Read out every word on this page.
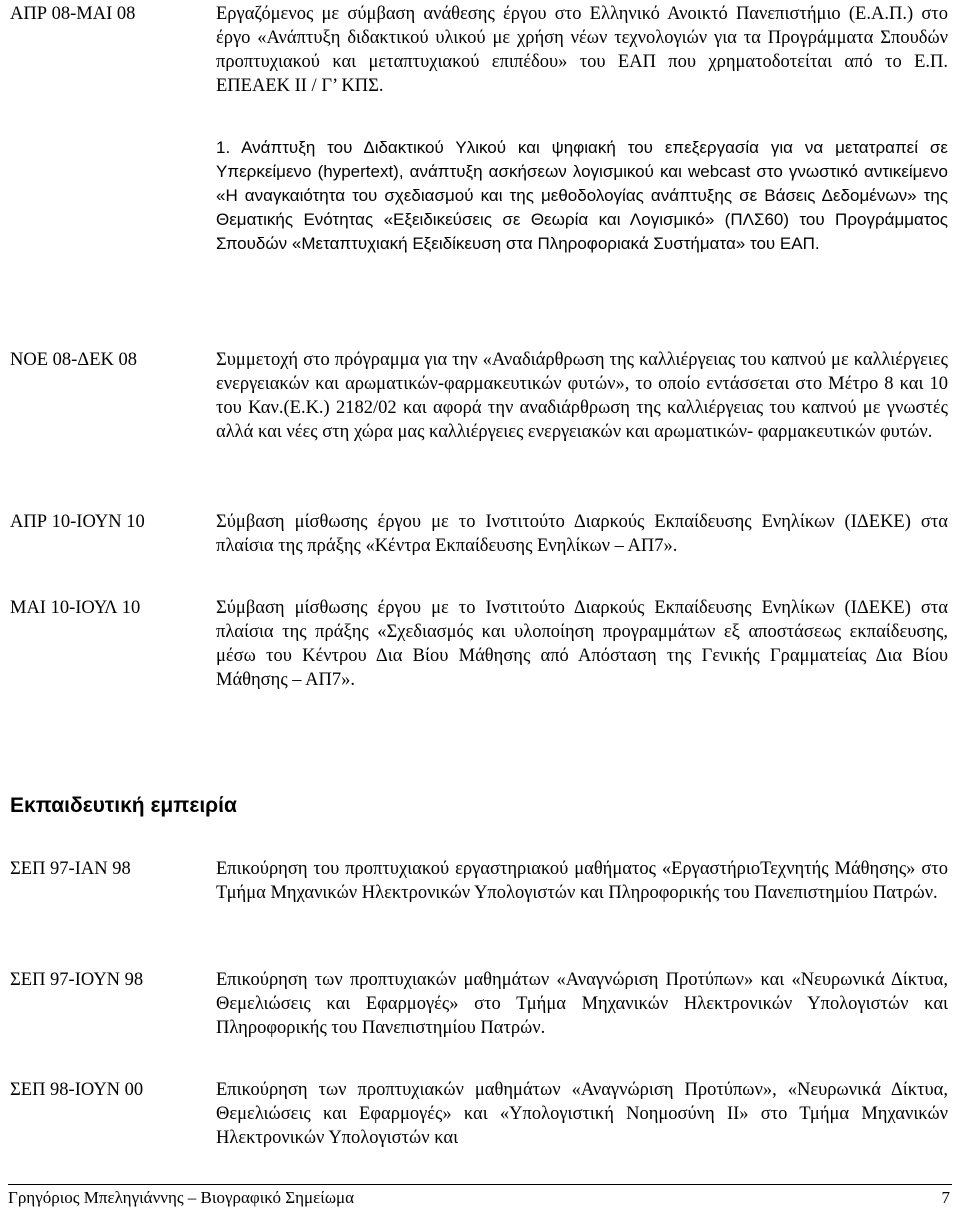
ΑΠΡ 08-ΜΑΙ 08	Εργαζόμενος με σύμβαση ανάθεσης έργου στο Ελληνικό Ανοικτό Πανεπιστήμιο (Ε.Α.Π.) στο έργο «Ανάπτυξη διδακτικού υλικού με χρήση νέων τεχνολογιών για τα Προγράμματα Σπουδών προπτυχιακού και μεταπτυχιακού επιπέδου» του ΕΑΠ που χρηματοδοτείται από το Ε.Π. ΕΠΕΑΕΚ ΙΙ / Γ’ ΚΠΣ.
1. Ανάπτυξη του Διδακτικού Υλικού και ψηφιακή του επεξεργασία για να μετατραπεί σε Υπερκείμενο (hypertext), ανάπτυξη ασκήσεων λογισμικού και webcast στο γνωστικό αντικείμενο «Η αναγκαιότητα του σχεδιασμού και της μεθοδολογίας ανάπτυξης σε Βάσεις Δεδομένων» της Θεματικής Ενότητας «Εξειδικεύσεις σε Θεωρία και Λογισμικό» (ΠΛΣ60) του Προγράμματος Σπουδών «Μεταπτυχιακή Εξειδίκευση στα Πληροφοριακά Συστήματα» του ΕΑΠ.
ΝΟΕ 08-ΔΕΚ 08	Συμμετοχή στο πρόγραμμα για την «Αναδιάρθρωση της καλλιέργειας του καπνού με καλλιέργειες ενεργειακών και αρωματικών-φαρμακευτικών φυτών», το οποίο εντάσσεται στο Μέτρο 8 και 10 του Καν.(Ε.Κ.) 2182/02 και αφορά την αναδιάρθρωση της καλλιέργειας του καπνού με γνωστές αλλά και νέες στη χώρα μας καλλιέργειες ενεργειακών και αρωματικών- φαρμακευτικών φυτών.
ΑΠΡ 10-ΙΟΥΝ 10	Σύμβαση μίσθωσης έργου με το Ινστιτούτο Διαρκούς Εκπαίδευσης Ενηλίκων (ΙΔΕΚΕ) στα πλαίσια της πράξης «Κέντρα Εκπαίδευσης Ενηλίκων – ΑΠ7».
ΜΑΙ 10-ΙΟΥΛ 10	Σύμβαση μίσθωσης έργου με το Ινστιτούτο Διαρκούς Εκπαίδευσης Ενηλίκων (ΙΔΕΚΕ) στα πλαίσια της πράξης «Σχεδιασμός και υλοποίηση προγραμμάτων εξ αποστάσεως εκπαίδευσης, μέσω του Κέντρου Δια Βίου Μάθησης από Απόσταση της Γενικής Γραμματείας Δια Βίου Μάθησης – ΑΠ7».
Εκπαιδευτική εμπειρία
ΣΕΠ 97-ΙΑΝ 98	Επικούρηση του προπτυχιακού εργαστηριακού μαθήματος «ΕργαστήριοΤεχνητής Μάθησης» στο Τμήμα Μηχανικών Ηλεκτρονικών Υπολογιστών και Πληροφορικής του Πανεπιστημίου Πατρών.
ΣΕΠ 97-ΙΟΥΝ 98	Επικούρηση των προπτυχιακών μαθημάτων «Αναγνώριση Προτύπων» και «Νευρωνικά Δίκτυα, Θεμελιώσεις και Εφαρμογές» στο Τμήμα Μηχανικών Ηλεκτρονικών Υπολογιστών και Πληροφορικής του Πανεπιστημίου Πατρών.
ΣΕΠ 98-ΙΟΥΝ 00	Επικούρηση των προπτυχιακών μαθημάτων «Αναγνώριση Προτύπων», «Νευρωνικά Δίκτυα, Θεμελιώσεις και Εφαρμογές» και «Υπολογιστική Νοημοσύνη ΙΙ» στο Τμήμα Μηχανικών Ηλεκτρονικών Υπολογιστών και
Γρηγόριος Μπεληγιάννης – Βιογραφικό Σημείωμα	7
